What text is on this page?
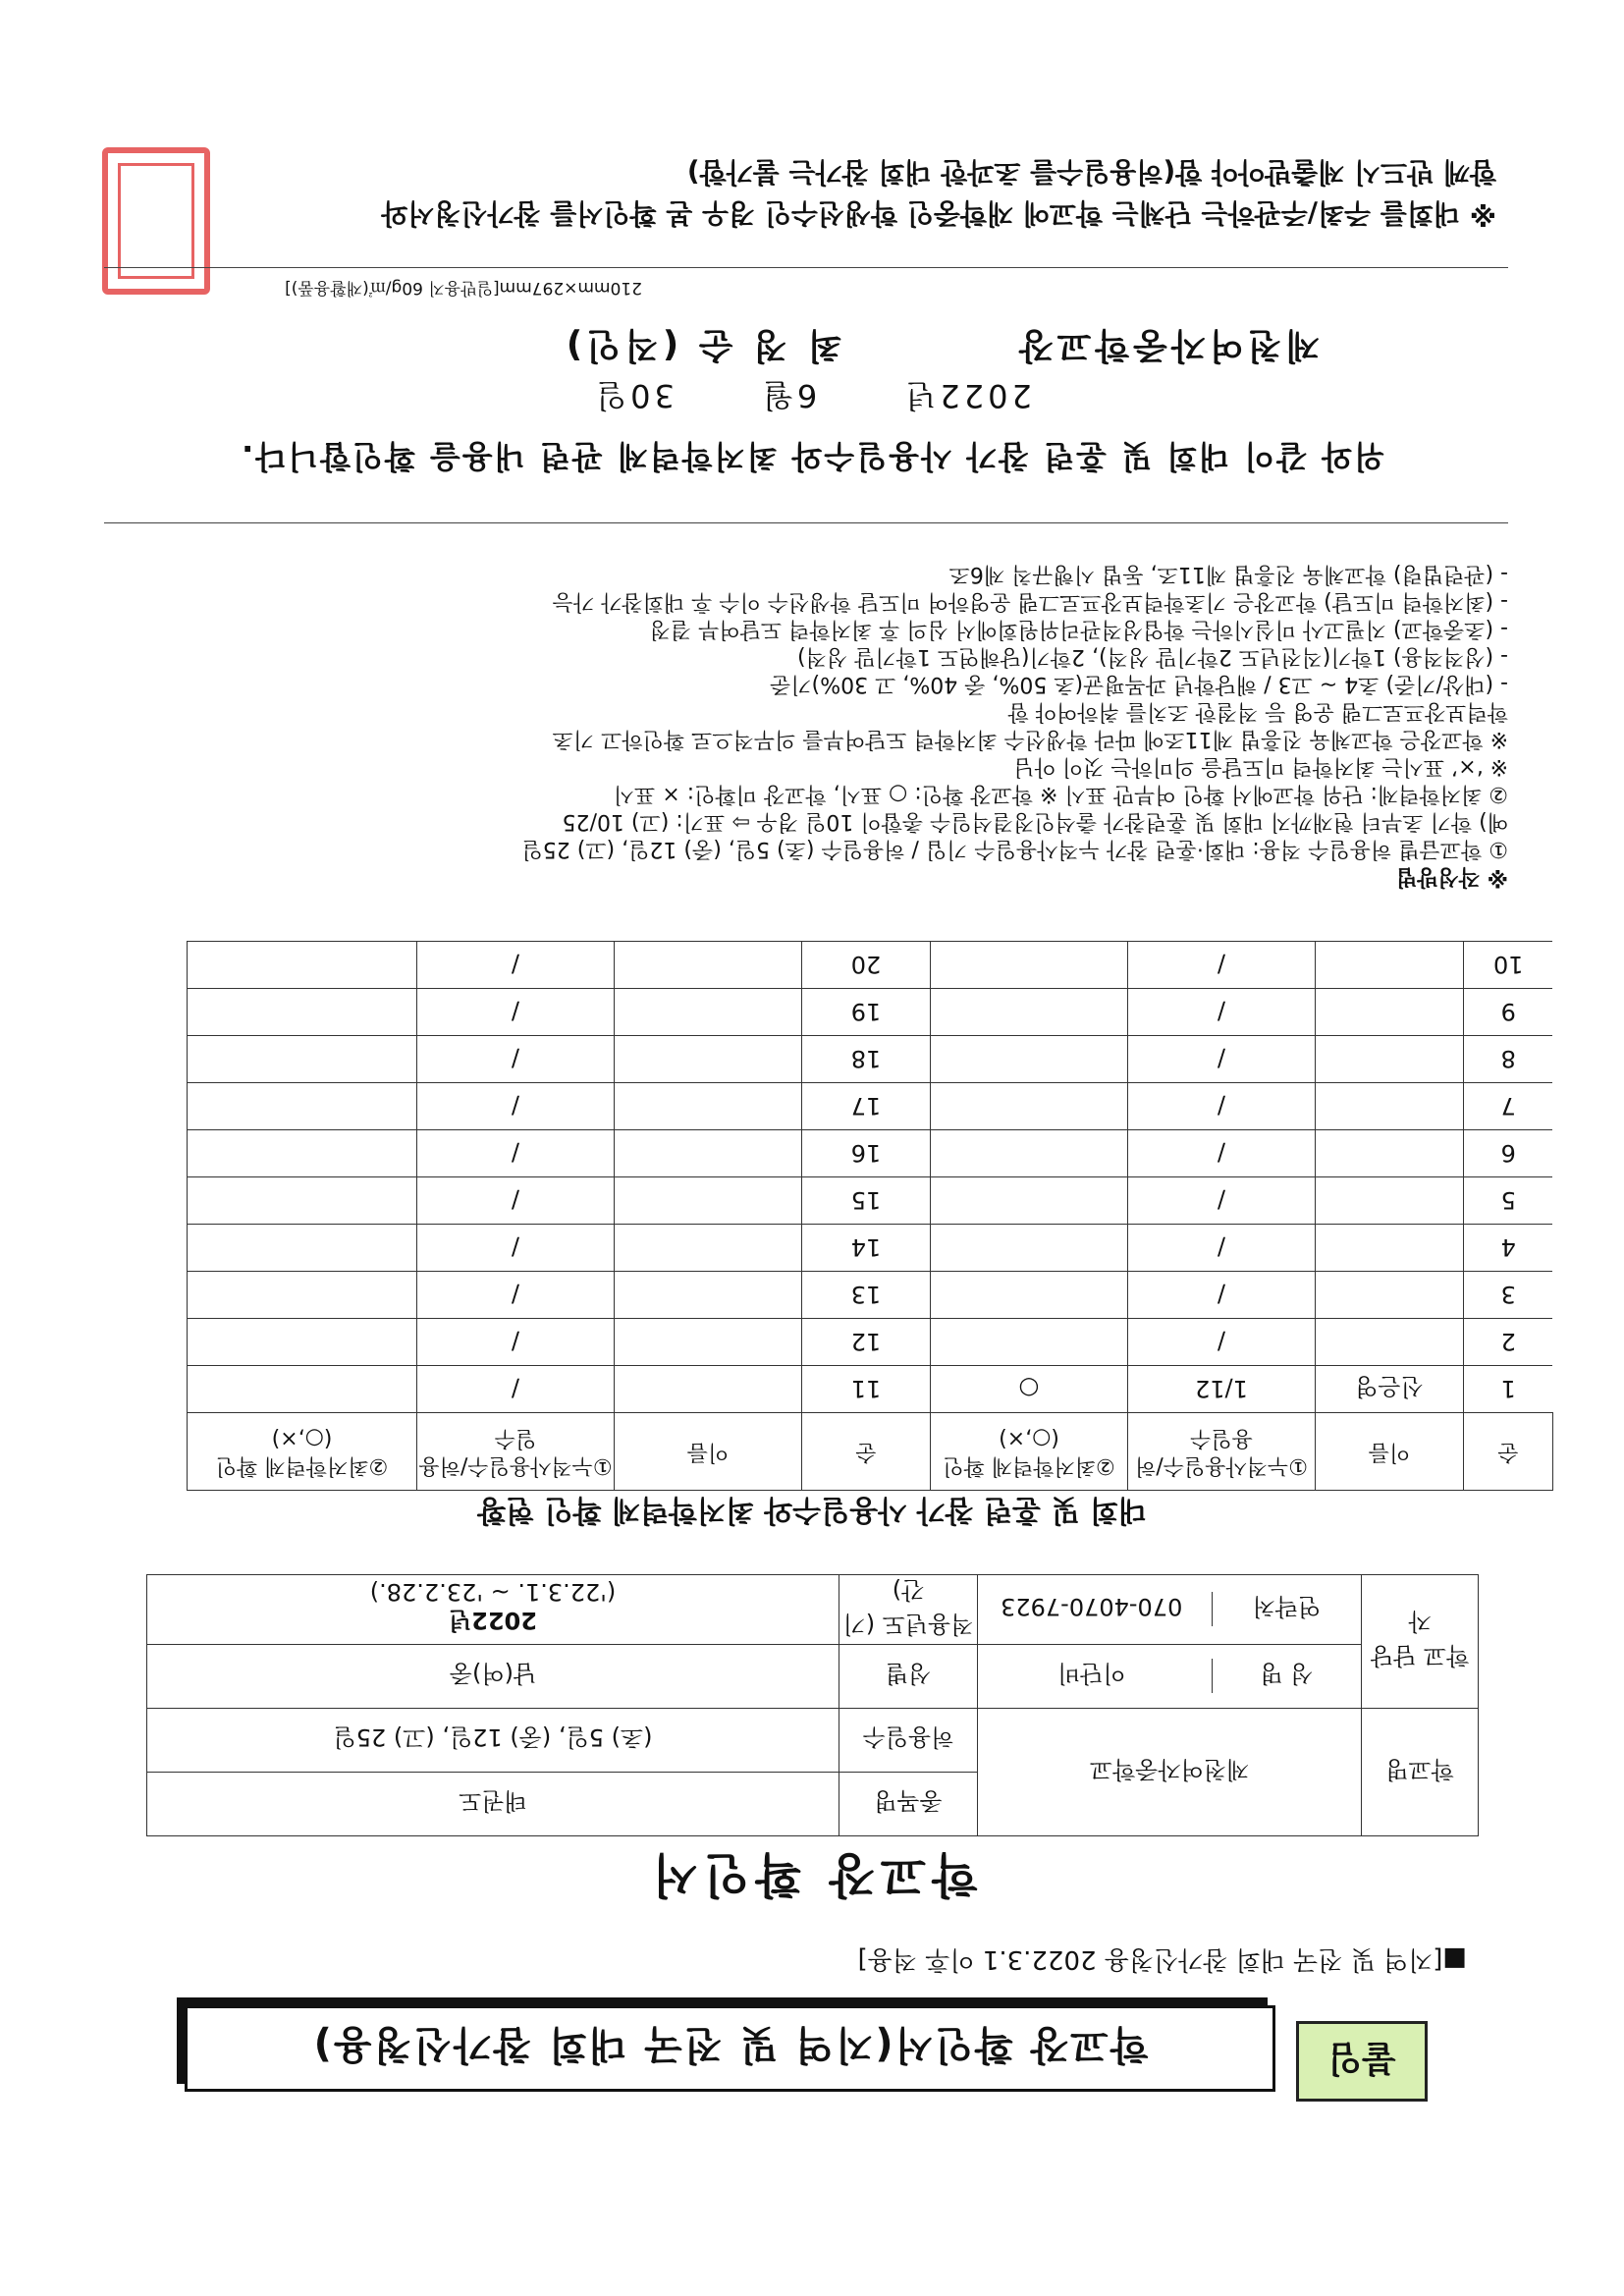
붙임
학교장 확인서(지역 및 전국 대회 참가신청용)
■[지역 및 전국 대회 참가신청용 2022.3.1 이후 적용]
학교장 확인서
학교명	제천여자중학교	종목명	태권도
		허용일수	(초) 5일, (중) 12일, (고) 25일
학교 담당자	성 명 이단비	성별	남(여)중
	연락처 070-4070-7923	적용년도 (기간)	2022년
('22.3.1. ~ '23.2.28.)
대회 및 훈련 참가 사용일수와 최저학력제 확인 현황
순	이름	①누적사용일수/허용일수	②최저학력제 확인(○,×)	순	이름	①누적사용일수/허용일수	②최저학력제 확인(○,×)
1	신은영	1/12	○	11		/	
2		/		12		/	
3		/		13		/	
4		/		14		/	
5		/		15		/	
6		/		16		/	
7		/		17		/	
8		/		18		/	
9		/		19		/	
10		/		20		/	

※ 작성방법

① 학교급별 허용일수 적용: 대회·훈련 참가 누적사용일수 기입 / 허용일수 (초) 5일, (중) 12일, (고) 25일

예) 학기 초부터 현재까지 대회 및 훈련참가 출석인정결석일수 총합이 10일 경우 ⇨ 표기: (고) 10/25

② 최저학력제: 단위 학교에서 확인 여부만 표시 ※ 학교장 확인: ○ 표시, 학교장 미확인: × 표시

※ ‘×’ 표시는 최저학력 미도달을 의미하는 것이 아님

※ 학교장은 학교체육 진흥법 제11조에 따라 학생선수 최저학력 도달여부를 의무적으로 확인하고 기초

학력보장프로그램 운영 등 적절한 조치를 취하여야 함

- (대상/기준) 초4 ~ 고3 / 해당학년 과목평균(초 50%, 중 40%, 고 30%)기준

- (성적적용) 1학기(직전년도 2학기말 성적), 2학기(당해연도 1학기말 성적)

- (초중학교) 지필고사 미실시하는 학업성적관리위원회에서 심의 후 최저학력 도달여부 결정

- (최저학력 미도달) 학교장은 기초학력보장프로그램 운영하여 미도달 학생선수 이수 후 대회참가 가능

- (관련법령) 학교체육 진흥법 제11조, 동법 시행규칙 제6조

위와 같이 대회 및 훈련 참가 사용일수와 최저학력제 관련 내용을 확인합니다.
2022년 6월 30일
제천여자중학교장 최 정 순 (직인)
210mm×297mm[일반용지 60g/㎡(재활용품)]

※ 대회를 주최/주관하는 단체는 학교에 재학중인 학생선수인 경우 본 확인서를 참가신청서와

함께 반드시 제출받아야 함(허용일수를 초과한 대회 참가는 불가함)
